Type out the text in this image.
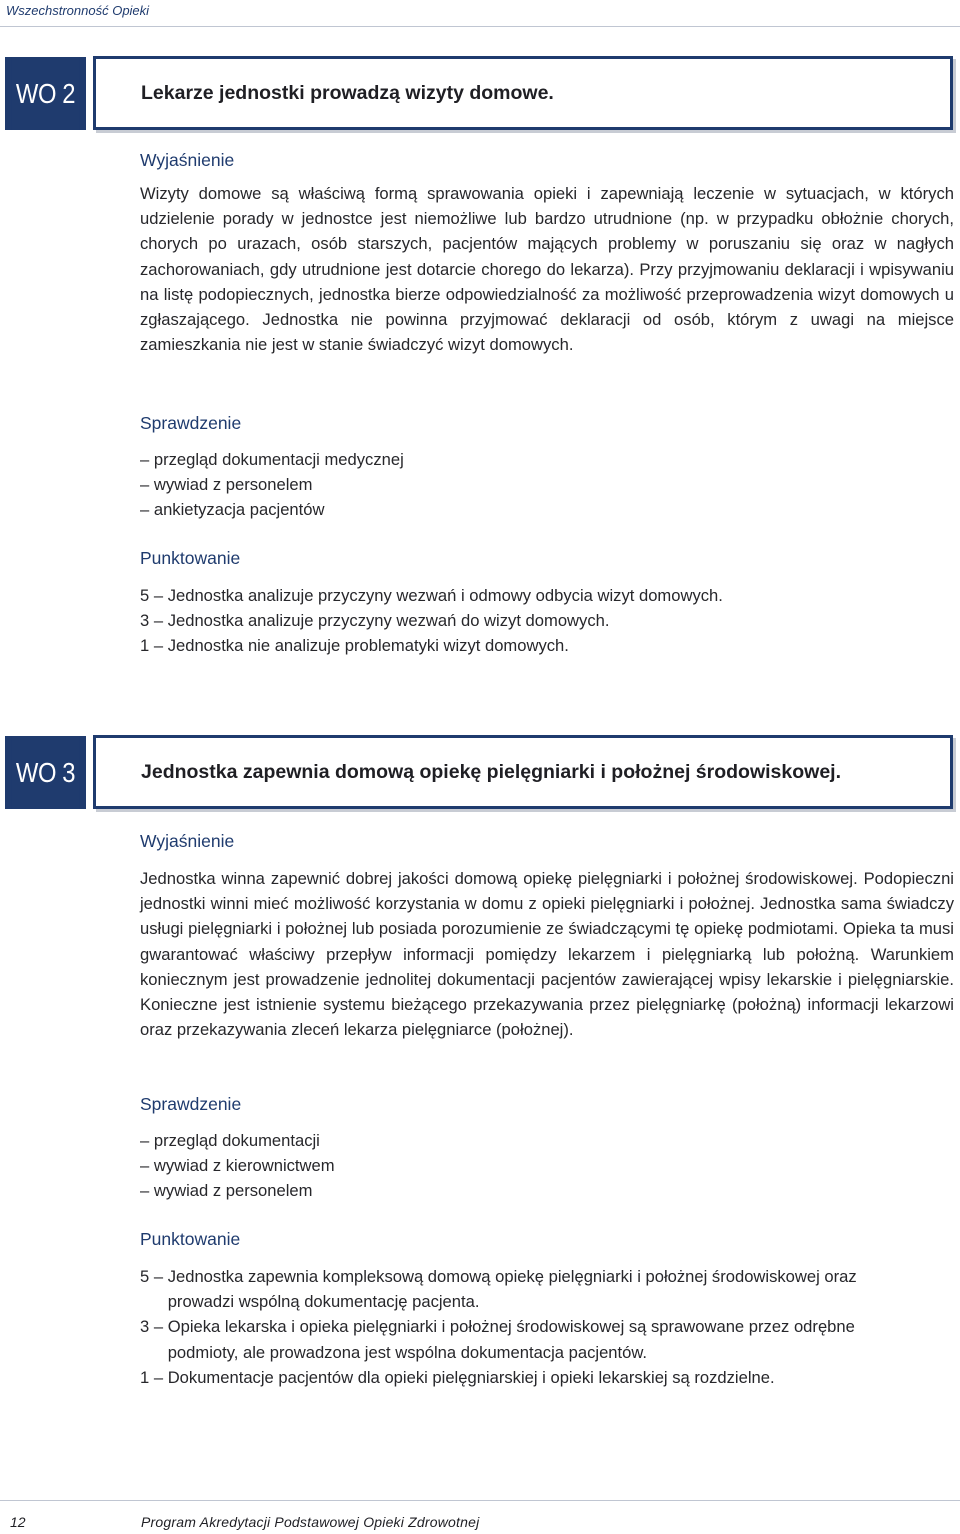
Wszechstronność Opieki
WO 2	Lekarze jednostki prowadzą wizyty domowe.
Wyjaśnienie
Wizyty domowe są właściwą formą sprawowania opieki i zapewniają leczenie w sytuacjach, w których udzielenie porady w jednostce jest niemożliwe lub bardzo utrudnione (np. w przypadku obłożnie chorych, chorych po urazach, osób starszych, pacjentów mających problemy w poruszaniu się oraz w nagłych zachorowaniach, gdy utrudnione jest dotarcie chorego do lekarza). Przy przyjmowaniu deklaracji i wpisywaniu na listę podopiecznych, jednostka bierze odpowiedzialność za możliwość przeprowadzenia wizyt domowych u zgłaszającego. Jednostka nie powinna przyjmować deklaracji od osób, którym z uwagi na miejsce zamieszkania nie jest w stanie świadczyć wizyt domowych.
Sprawdzenie
– przegląd dokumentacji medycznej
– wywiad z personelem
– ankietyzacja pacjentów
Punktowanie
5 – Jednostka analizuje przyczyny wezwań i odmowy odbycia wizyt domowych.
3 – Jednostka analizuje przyczyny wezwań do wizyt domowych.
1 – Jednostka nie analizuje problematyki wizyt domowych.
WO 3	Jednostka zapewnia domową opiekę pielęgniarki i położnej środowiskowej.
Wyjaśnienie
Jednostka winna zapewnić dobrej jakości domową opiekę pielęgniarki i położnej środowiskowej. Podopieczni jednostki winni mieć możliwość korzystania w domu z opieki pielęgniarki i położnej. Jednostka sama świadczy usługi pielęgniarki i położnej lub posiada porozumienie ze świadczącymi tę opiekę podmiotami. Opieka ta musi gwarantować właściwy przepływ informacji pomiędzy lekarzem i pielęgniarką lub położną. Warunkiem koniecznym jest prowadzenie jednolitej dokumentacji pacjentów zawierającej wpisy lekarskie i pielęgniarskie. Konieczne jest istnienie systemu bieżącego przekazywania przez pielęgniarkę (położną) informacji lekarzowi oraz przekazywania zleceń lekarza pielęgniarce (położnej).
Sprawdzenie
– przegląd dokumentacji
– wywiad z kierownictwem
– wywiad z personelem
Punktowanie
5 – Jednostka zapewnia kompleksową domową opiekę pielęgniarki i położnej środowiskowej oraz prowadzi wspólną dokumentację pacjenta.
3 – Opieka lekarska i opieka pielęgniarki i położnej środowiskowej są sprawowane przez odrębne podmioty, ale prowadzona jest wspólna dokumentacja pacjentów.
1 – Dokumentacje pacjentów dla opieki pielęgniarskiej i opieki lekarskiej są rozdzielne.
12	Program Akredytacji Podstawowej Opieki Zdrowotnej
